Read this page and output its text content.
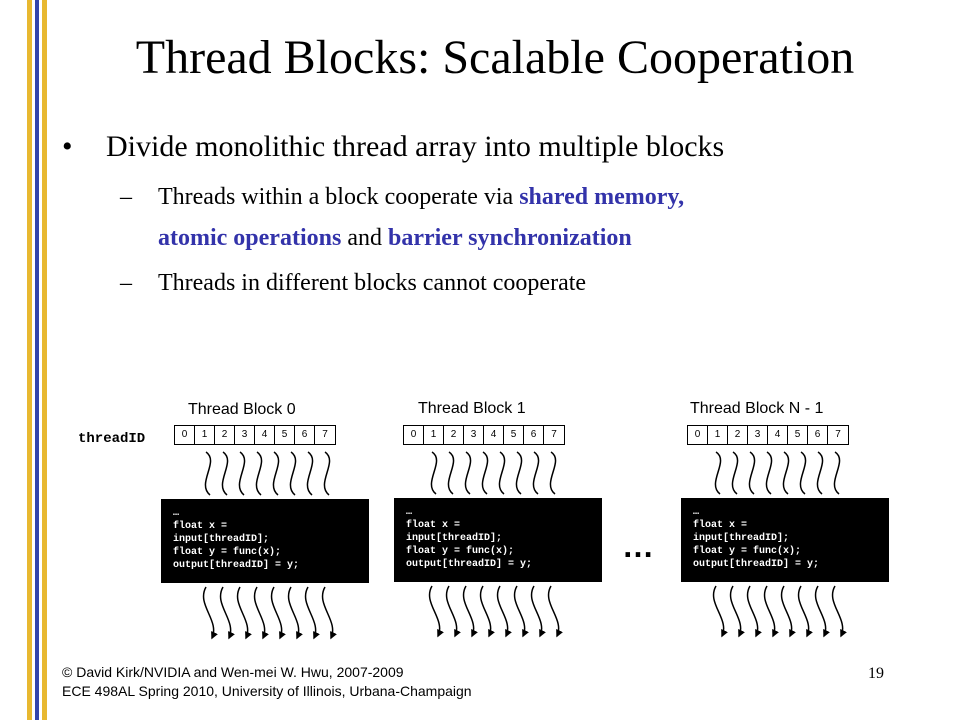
Thread Blocks: Scalable Cooperation
• Divide monolithic thread array into multiple blocks
– Threads within a block cooperate via shared memory,
atomic operations and barrier synchronization
– Threads in different blocks cannot cooperate
threadID
Thread Block 0	Thread Block 1	Thread Block N - 1
0	1	2	3	4	5	6	7	0	1	2	3	4	5	6	7	0	1	2	3	4	5	6	7
…
float x =
input[threadID];
float y = func(x);
output[threadID] = y;
…
float x =
input[threadID];
float y = func(x);
output[threadID] = y;
…
float x =
input[threadID];
float y = func(x);
output[threadID] = y;
…
© David Kirk/NVIDIA and Wen-mei W. Hwu, 2007-2009
ECE 498AL Spring 2010, University of Illinois, Urbana-Champaign
19
